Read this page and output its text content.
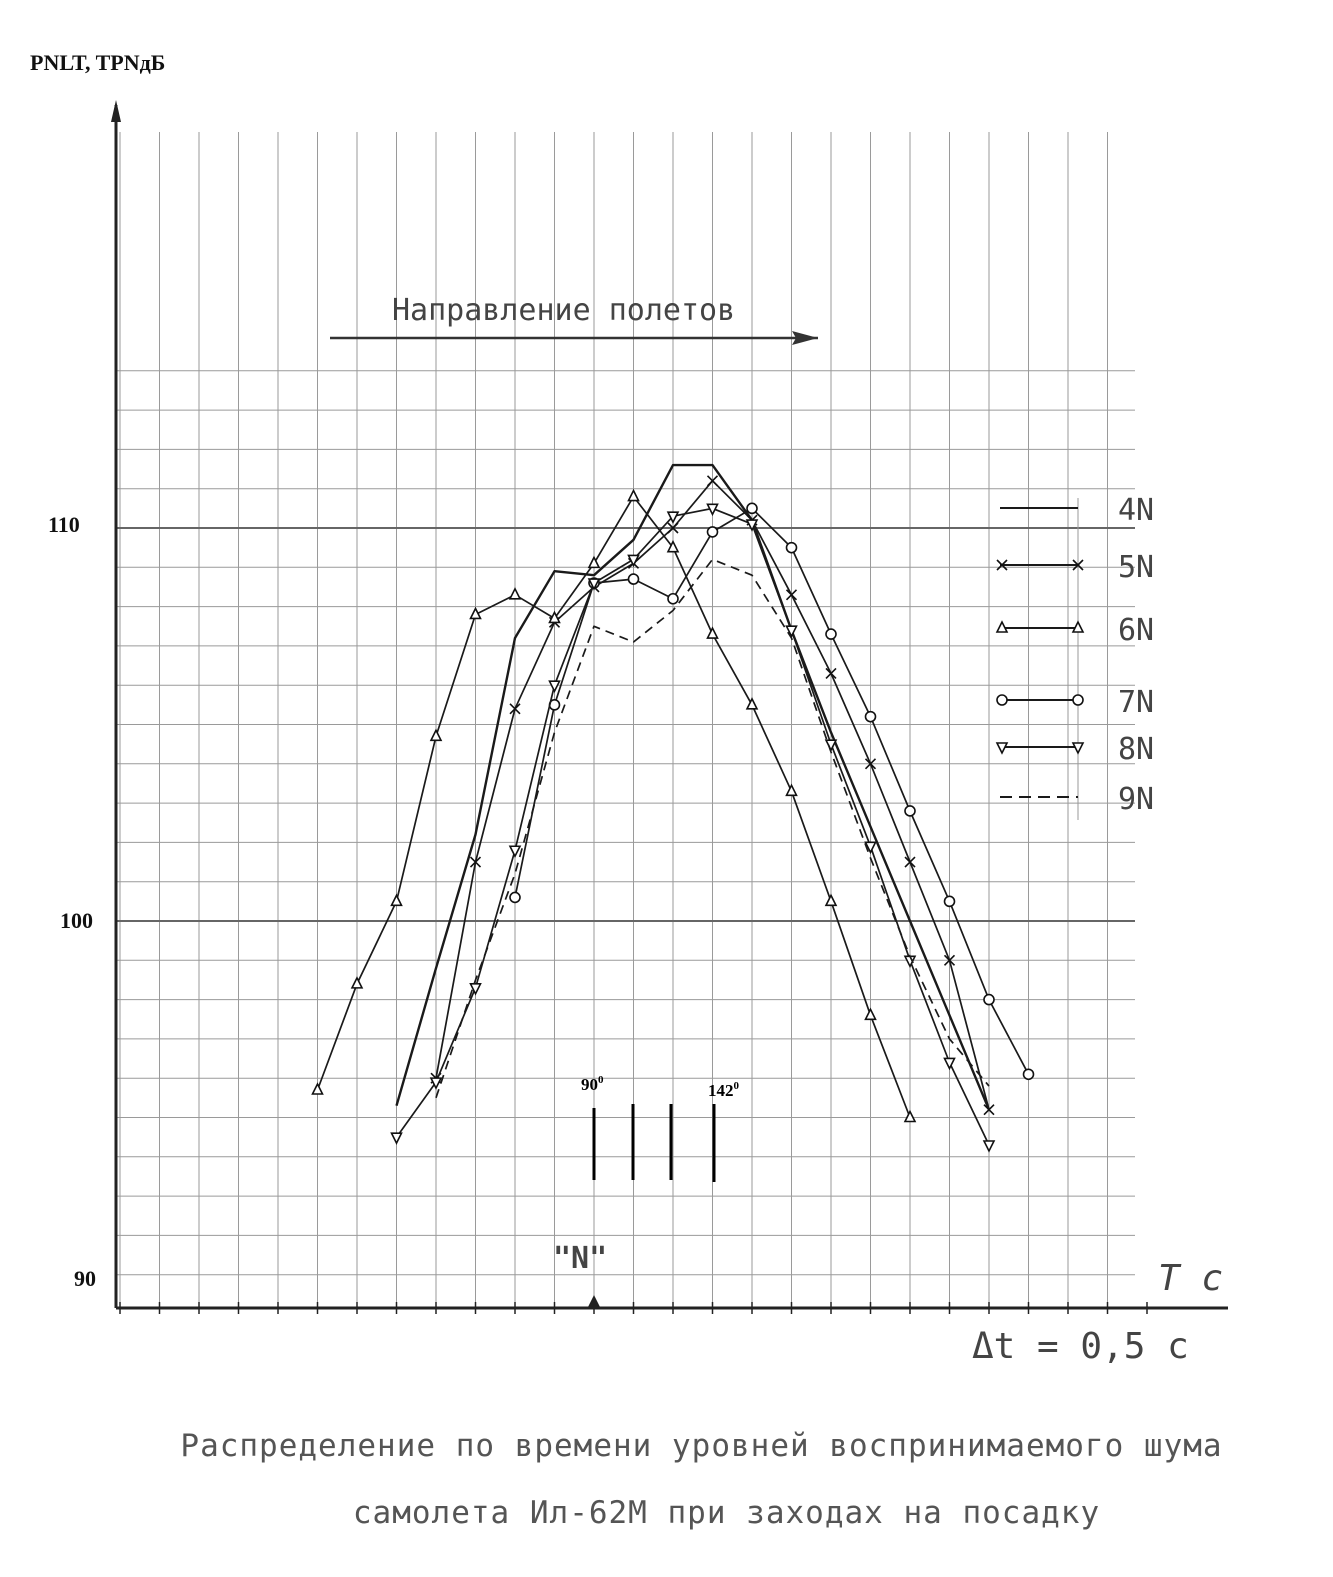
PNLT, TPNдБ
110
100
90
Направление полетов
$90^0$
$142^0$
"N"	T c
Δt = 0,5 c
4N
5N
6N
7N
8N
9N
Распределение по времени уровней воспринимаемого шума
самолета Ил-62М при заходах на посадку
